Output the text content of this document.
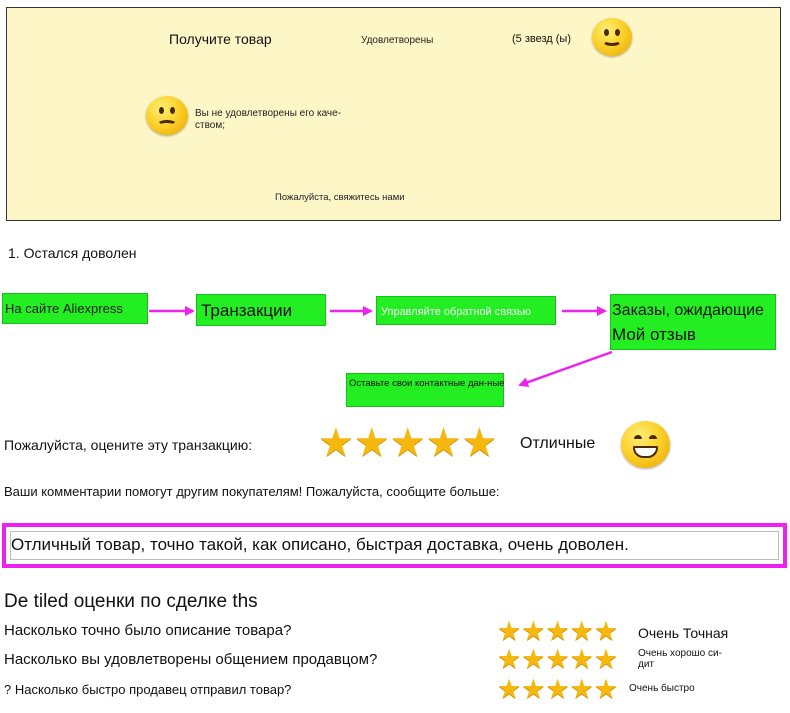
Получите товар	Удовлетворены	(5 звезд (ы)
Вы не удовлетворены его каче-ством;
Пожалуйста, свяжитесь нами
1. Остался доволен
На сайте Aliexpress	Транзакции	Управляйте обратной связью	Заказы, ожидающие
Мой отзыв
Оставьте свои контактные дан-ные
Пожалуйста, оцените эту транзакцию: ★★★★★ Отличные
Ваши комментарии помогут другим покупателям! Пожалуйста, сообщите больше:
Отличный товар, точно такой, как описано, быстрая доставка, очень доволен.
De tiled оценки по сделке ths
Насколько точно было описание товара?	★★★★★ Очень Точная
Насколько вы удовлетворены общением продавцом?	★★★★★ Очень хорошо си-дит
? Насколько быстро продавец отправил товар?	★★★★★ Очень быстро
